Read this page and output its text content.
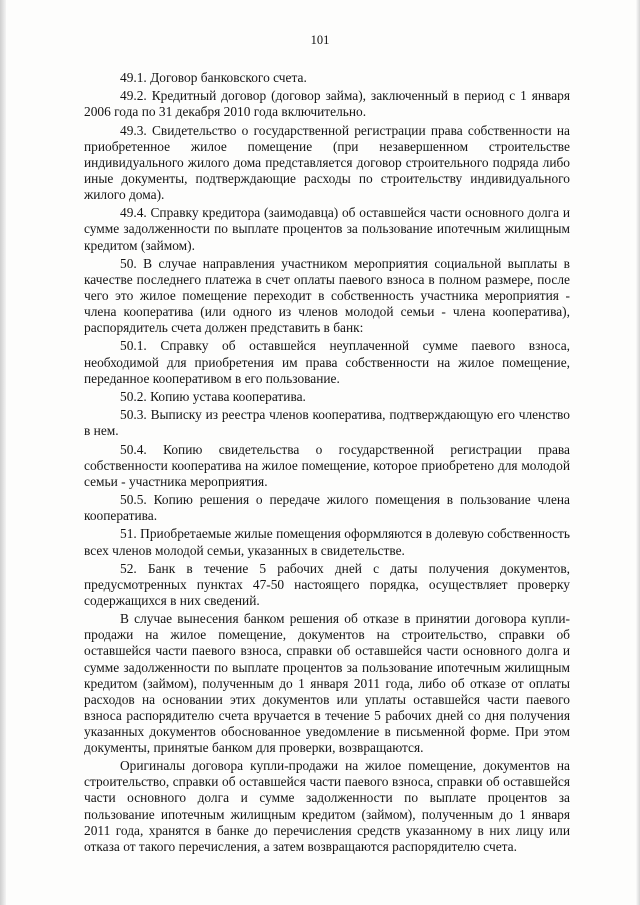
101

49.1. Договор банковского счета.

49.2. Кредитный договор (договор займа), заключенный в период с 1 января 2006 года по 31 декабря 2010 года включительно.

49.3. Свидетельство о государственной регистрации права собственности на приобретенное жилое помещение (при незавершенном строительстве индивидуального жилого дома представляется договор строительного подряда либо иные документы, подтверждающие расходы по строительству индивидуального жилого дома).

49.4. Справку кредитора (заимодавца) об оставшейся части основного долга и сумме задолженности по выплате процентов за пользование ипотечным жилищным кредитом (займом).

50. В случае направления участником мероприятия социальной выплаты в качестве последнего платежа в счет оплаты паевого взноса в полном размере, после чего это жилое помещение переходит в собственность участника мероприятия - члена кооператива (или одного из членов молодой семьи - члена кооператива), распорядитель счета должен представить в банк:

50.1. Справку об оставшейся неуплаченной сумме паевого взноса, необходимой для приобретения им права собственности на жилое помещение, переданное кооперативом в его пользование.

50.2. Копию устава кооператива.

50.3. Выписку из реестра членов кооператива, подтверждающую его членство в нем.

50.4. Копию свидетельства о государственной регистрации права собственности кооператива на жилое помещение, которое приобретено для молодой семьи - участника мероприятия.

50.5. Копию решения о передаче жилого помещения в пользование члена кооператива.

51. Приобретаемые жилые помещения оформляются в долевую собственность всех членов молодой семьи, указанных в свидетельстве.

52. Банк в течение 5 рабочих дней с даты получения документов, предусмотренных пунктах 47-50 настоящего порядка, осуществляет проверку содержащихся в них сведений.

В случае вынесения банком решения об отказе в принятии договора купли-продажи на жилое помещение, документов на строительство, справки об оставшейся части паевого взноса, справки об оставшейся части основного долга и сумме задолженности по выплате процентов за пользование ипотечным жилищным кредитом (займом), полученным до 1 января 2011 года, либо об отказе от оплаты расходов на основании этих документов или уплаты оставшейся части паевого взноса распорядителю счета вручается в течение 5 рабочих дней со дня получения указанных документов обоснованное уведомление в письменной форме. При этом документы, принятые банком для проверки, возвращаются.

Оригиналы договора купли-продажи на жилое помещение, документов на строительство, справки об оставшейся части паевого взноса, справки об оставшейся части основного долга и сумме задолженности по выплате процентов за пользование ипотечным жилищным кредитом (займом), полученным до 1 января 2011 года, хранятся в банке до перечисления средств указанному в них лицу или отказа от такого перечисления, а затем возвращаются распорядителю счета.
